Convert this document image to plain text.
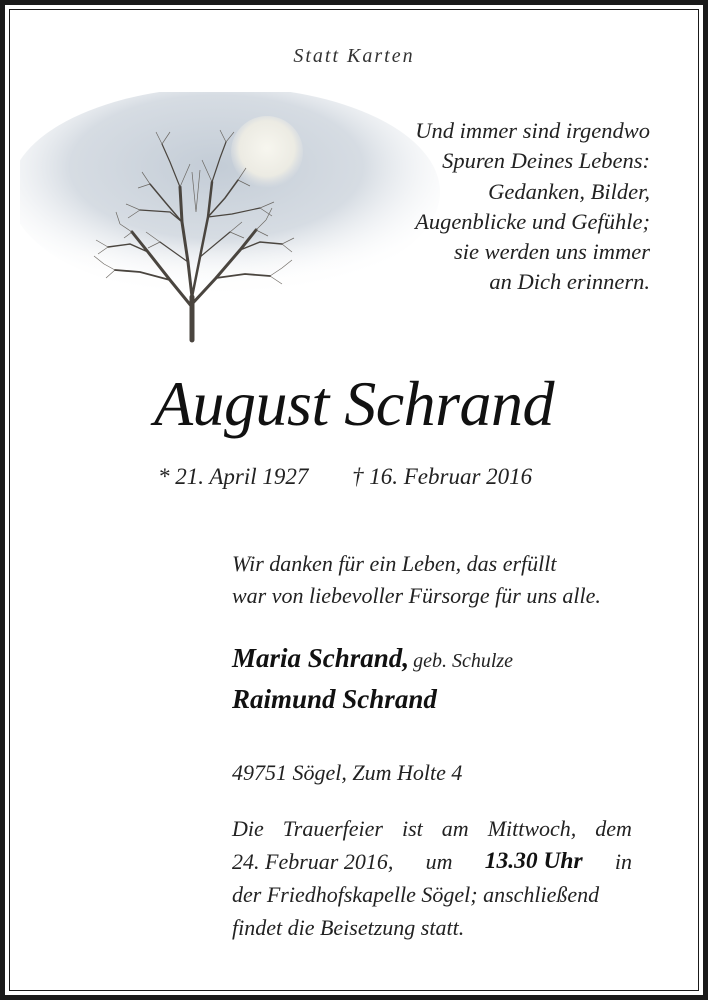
Statt Karten
Und immer sind irgendwo
Spuren Deines Lebens:
Gedanken, Bilder,
Augenblicke und Gefühle;
sie werden uns immer
an Dich erinnern.
August Schrand
* 21. April 1927 † 16. Februar 2016
Wir danken für ein Leben, das erfüllt
war von liebevoller Fürsorge für uns alle.
Maria Schrand, geb. Schulze
Raimund Schrand
49751 Sögel, Zum Holte 4
Die Trauerfeier ist am Mittwoch, dem
24. Februar 2016, um 13.30 Uhr in
der Friedhofskapelle Sögel; anschließend
findet die Beisetzung statt.
